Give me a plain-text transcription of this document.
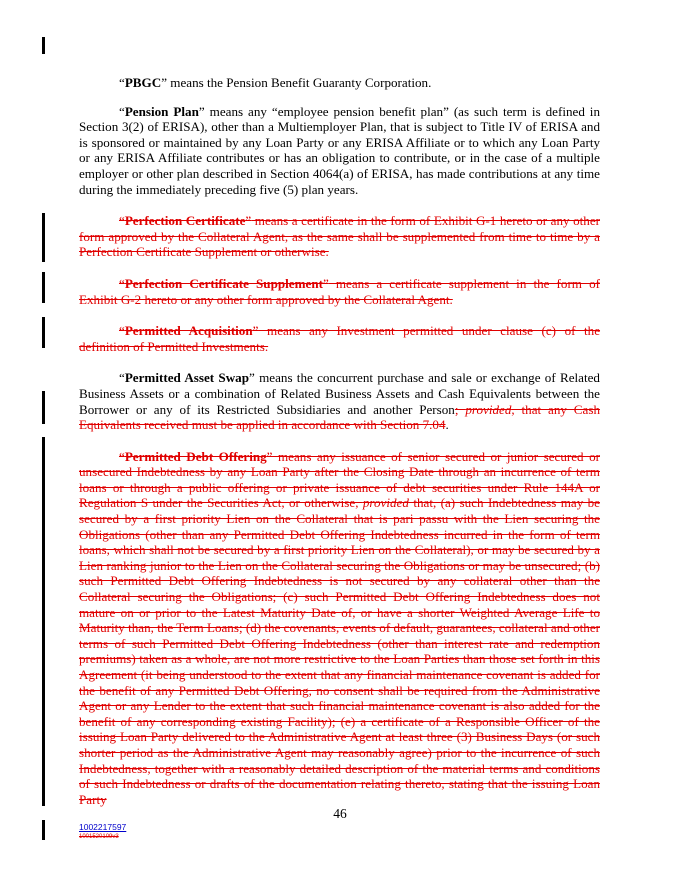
“PBGC” means the Pension Benefit Guaranty Corporation.

“Pension Plan” means any “employee pension benefit plan” (as such term is defined in Section 3(2) of ERISA), other than a Multiemployer Plan, that is subject to Title IV of ERISA and is sponsored or maintained by any Loan Party or any ERISA Affiliate or to which any Loan Party or any ERISA Affiliate contributes or has an obligation to contribute, or in the case of a multiple employer or other plan described in Section 4064(a) of ERISA, has made contributions at any time during the immediately preceding five (5) plan years.

“Perfection Certificate” means a certificate in the form of Exhibit G-1 hereto or any other form approved by the Collateral Agent, as the same shall be supplemented from time to time by a Perfection Certificate Supplement or otherwise.

“Perfection Certificate Supplement” means a certificate supplement in the form of Exhibit G-2 hereto or any other form approved by the Collateral Agent.

“Permitted Acquisition” means any Investment permitted under clause (c) of the definition of Permitted Investments.

“Permitted Asset Swap” means the concurrent purchase and sale or exchange of Related Business Assets or a combination of Related Business Assets and Cash Equivalents between the Borrower or any of its Restricted Subsidiaries and another Person; provided, that any Cash Equivalents received must be applied in accordance with Section 7.04.

“Permitted Debt Offering” means any issuance of senior secured or junior secured or unsecured Indebtedness by any Loan Party after the Closing Date through an incurrence of term loans or through a public offering or private issuance of debt securities under Rule 144A or Regulation S under the Securities Act, or otherwise, provided that, (a) such Indebtedness may be secured by a first priority Lien on the Collateral that is pari passu with the Lien securing the Obligations (other than any Permitted Debt Offering Indebtedness incurred in the form of term loans, which shall not be secured by a first priority Lien on the Collateral), or may be secured by a Lien ranking junior to the Lien on the Collateral securing the Obligations or may be unsecured; (b) such Permitted Debt Offering Indebtedness is not secured by any collateral other than the Collateral securing the Obligations; (c) such Permitted Debt Offering Indebtedness does not mature on or prior to the Latest Maturity Date of, or have a shorter Weighted Average Life to Maturity than, the Term Loans; (d) the covenants, events of default, guarantees, collateral and other terms of such Permitted Debt Offering Indebtedness (other than interest rate and redemption premiums) taken as a whole, are not more restrictive to the Loan Parties than those set forth in this Agreement (it being understood to the extent that any financial maintenance covenant is added for the benefit of any Permitted Debt Offering, no consent shall be required from the Administrative Agent or any Lender to the extent that such financial maintenance covenant is also added for the benefit of any corresponding existing Facility); (e) a certificate of a Responsible Officer of the issuing Loan Party delivered to the Administrative Agent at least three (3) Business Days (or such shorter period as the Administrative Agent may reasonably agree) prior to the incurrence of such Indebtedness, together with a reasonably detailed description of the material terms and conditions of such Indebtedness or drafts of the documentation relating thereto, stating that the issuing Loan Party

46
1002217597
1001520109v3
